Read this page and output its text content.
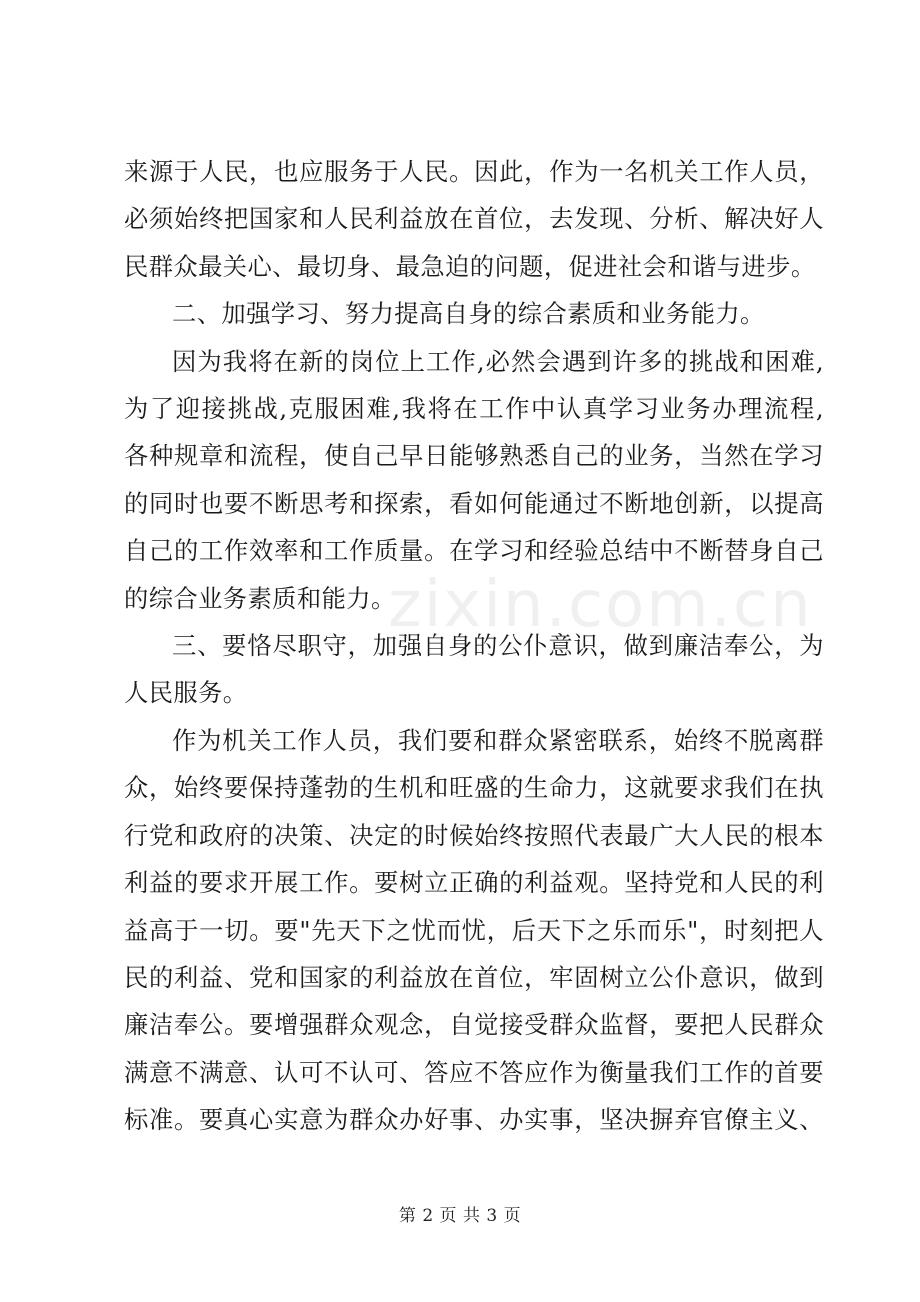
来源于人民，也应服务于人民。因此，作为一名机关工作人员，
必须始终把国家和人民利益放在首位，去发现、分析、解决好人
民群众最关心、最切身、最急迫的问题，促进社会和谐与进步。
二、加强学习、努力提高自身的综合素质和业务能力。
因为我将在新的岗位上工作,必然会遇到许多的挑战和困难,
为了迎接挑战,克服困难,我将在工作中认真学习业务办理流程,
各种规章和流程，使自己早日能够熟悉自己的业务，当然在学习
的同时也要不断思考和探索，看如何能通过不断地创新，以提高
自己的工作效率和工作质量。在学习和经验总结中不断替身自己
的综合业务素质和能力。
三、要恪尽职守，加强自身的公仆意识，做到廉洁奉公，为
人民服务。
作为机关工作人员，我们要和群众紧密联系，始终不脱离群
众，始终要保持蓬勃的生机和旺盛的生命力，这就要求我们在执
行党和政府的决策、决定的时候始终按照代表最广大人民的根本
利益的要求开展工作。要树立正确的利益观。坚持党和人民的利
益高于一切。要"先天下之忧而忧，后天下之乐而乐"，时刻把人
民的利益、党和国家的利益放在首位，牢固树立公仆意识，做到
廉洁奉公。要增强群众观念，自觉接受群众监督，要把人民群众
满意不满意、认可不认可、答应不答应作为衡量我们工作的首要
标准。要真心实意为群众办好事、办实事，坚决摒弃官僚主义、
zixin.com.cn
第 2 页 共 3 页
